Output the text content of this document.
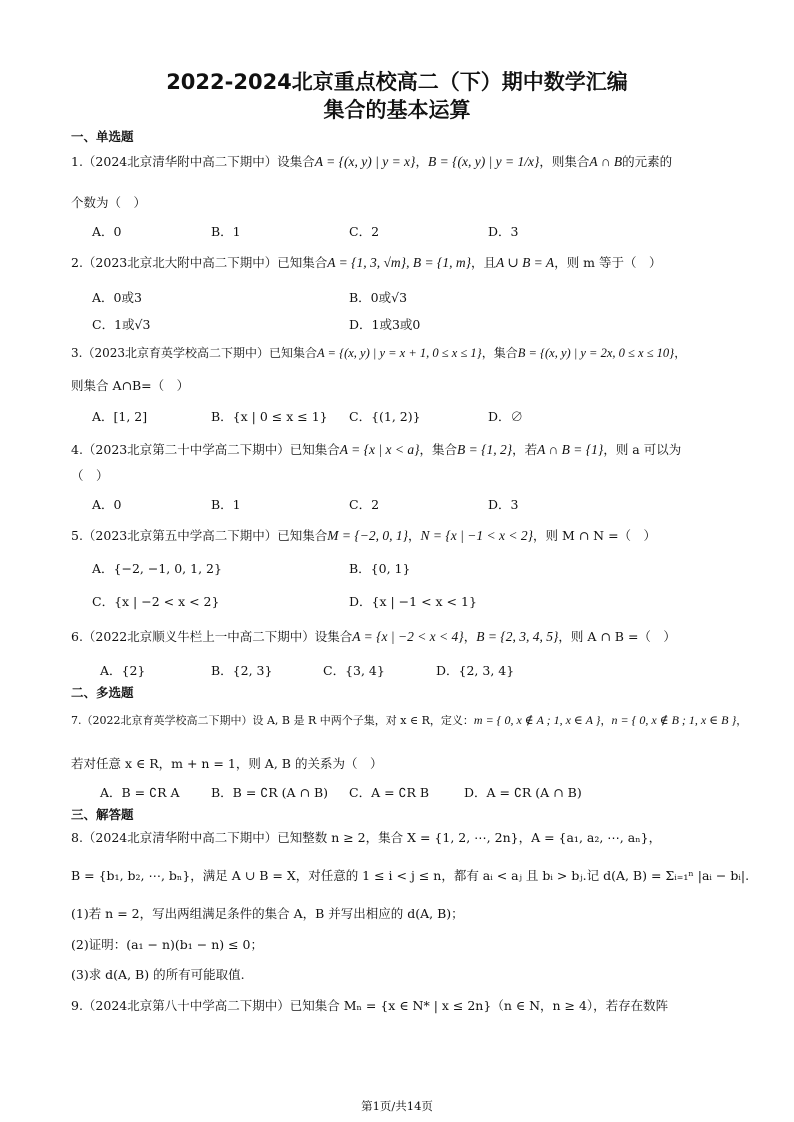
2022-2024北京重点校高二（下）期中数学汇编
集合的基本运算
一、单选题
1.（2024北京清华附中高二下期中）设集合A = {(x, y) | y = x}，B = {(x, y) | y = 1/x}，则集合A ∩ B的元素的
个数为（　）
A．0	B．1	C．2	D．3
2.（2023北京北大附中高二下期中）已知集合A = {1, 3, √m}, B = {1, m}，且A ∪ B = A，则 m 等于（　）
A．0或3	B．0或√3
C．1或√3	D．1或3或0
3.（2023北京育英学校高二下期中）已知集合A = {(x, y) | y = x + 1, 0 ≤ x ≤ 1}，集合B = {(x, y) | y = 2x, 0 ≤ x ≤ 10}，
则集合 A∩B=（　）
A．[1, 2]	B．{x | 0 ≤ x ≤ 1} C．{(1, 2)}	D．∅
4.（2023北京第二十中学高二下期中）已知集合A = {x | x < a}，集合B = {1, 2}，若A ∩ B = {1}，则 a 可以为
（　）
A．0	B．1	C．2	D．3
5.（2023北京第五中学高二下期中）已知集合M = {−2, 0, 1}，N = {x | −1 < x < 2}，则 M ∩ N =（　）
A．{−2, −1, 0, 1, 2}	B．{0, 1}
C．{x | −2 < x < 2}	D．{x | −1 < x < 1}
6.（2022北京顺义牛栏上一中高二下期中）设集合A = {x | −2 < x < 4}，B = {2, 3, 4, 5}，则 A ∩ B =（　）
A．{2}	B．{2, 3}	C．{3, 4}	D．{2, 3, 4}
二、多选题
7.（2022北京育英学校高二下期中）设 A, B 是 R 中两个子集，对 x ∈ R，定义：m = { 0, x ∉ A ; 1, x ∈ A }，n = { 0, x ∉ B ; 1, x ∈ B }，
若对任意 x ∈ R，m + n = 1，则 A, B 的关系为（　）
A．B = ∁R A	B．B = ∁R (A ∩ B) C．A = ∁R B	D．A = ∁R (A ∩ B)
三、解答题
8.（2024北京清华附中高二下期中）已知整数 n ≥ 2，集合 X = {1, 2, ⋯, 2n}，A = {a₁, a₂, ⋯, aₙ}，
B = {b₁, b₂, ⋯, bₙ}，满足 A ∪ B = X，对任意的 1 ≤ i < j ≤ n，都有 aᵢ < aⱼ 且 bᵢ > bⱼ.记 d(A, B) = Σᵢ₌₁ⁿ |aᵢ − bᵢ|.
(1)若 n = 2，写出两组满足条件的集合 A，B 并写出相应的 d(A, B)；
(2)证明：(a₁ − n)(b₁ − n) ≤ 0；
(3)求 d(A, B) 的所有可能取值.
9.（2024北京第八十中学高二下期中）已知集合 Mₙ = {x ∈ N* | x ≤ 2n}（n ∈ N，n ≥ 4），若存在数阵
第1页/共14页
